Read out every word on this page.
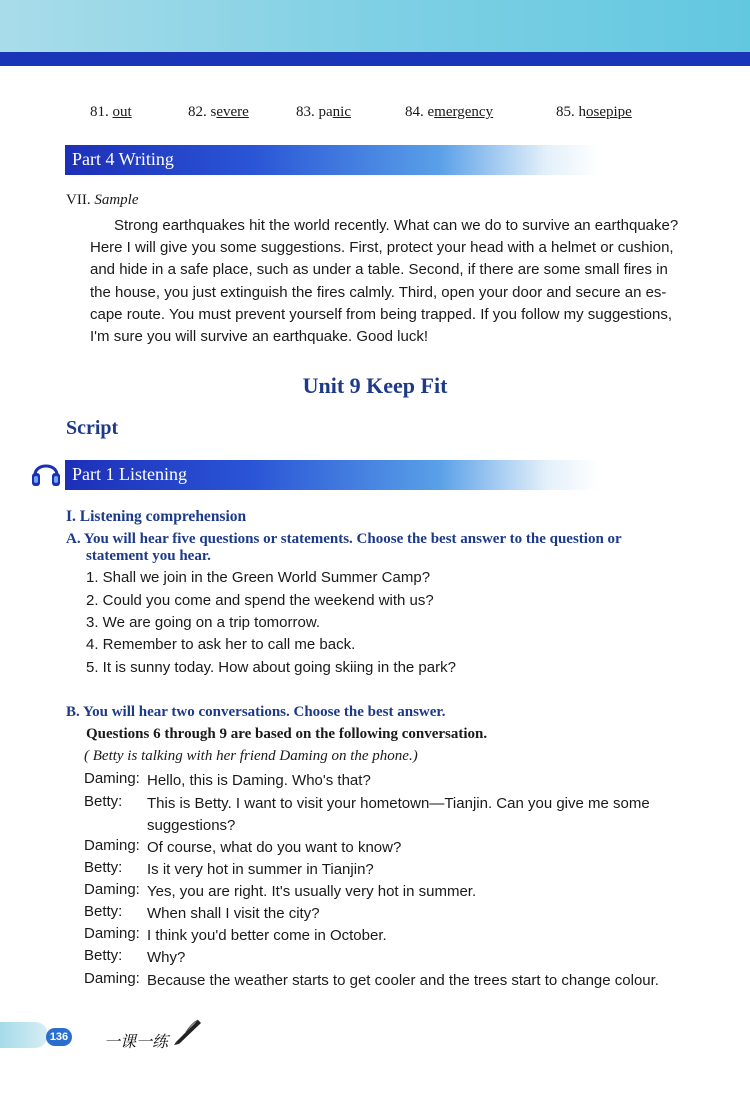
81. out	82. severe	83. panic	84. emergency	85. hosepipe
Part 4 Writing
VII. Sample
Strong earthquakes hit the world recently. What can we do to survive an earthquake?
Here I will give you some suggestions. First, protect your head with a helmet or cushion,
and hide in a safe place, such as under a table. Second, if there are some small fires in
the house, you just extinguish the fires calmly. Third, open your door and secure an es-
cape route. You must prevent yourself from being trapped. If you follow my suggestions,
I'm sure you will survive an earthquake. Good luck!
Unit 9 Keep Fit
Script
Part 1 Listening
I. Listening comprehension
A. You will hear five questions or statements. Choose the best answer to the question or
statement you hear.
1. Shall we join in the Green World Summer Camp?
2. Could you come and spend the weekend with us?
3. We are going on a trip tomorrow.
4. Remember to ask her to call me back.
5. It is sunny today. How about going skiing in the park?
B. You will hear two conversations. Choose the best answer.
Questions 6 through 9 are based on the following conversation.
( Betty is talking with her friend Daming on the phone.)
Daming: Hello, this is Daming. Who's that?
Betty: This is Betty. I want to visit your hometown—Tianjin. Can you give me some
suggestions?
Daming: Of course, what do you want to know?
Betty: Is it very hot in summer in Tianjin?
Daming: Yes, you are right. It's usually very hot in summer.
Betty: When shall I visit the city?
Daming: I think you'd better come in October.
Betty: Why?
Daming: Because the weather starts to get cooler and the trees start to change colour.
136 一课一练
